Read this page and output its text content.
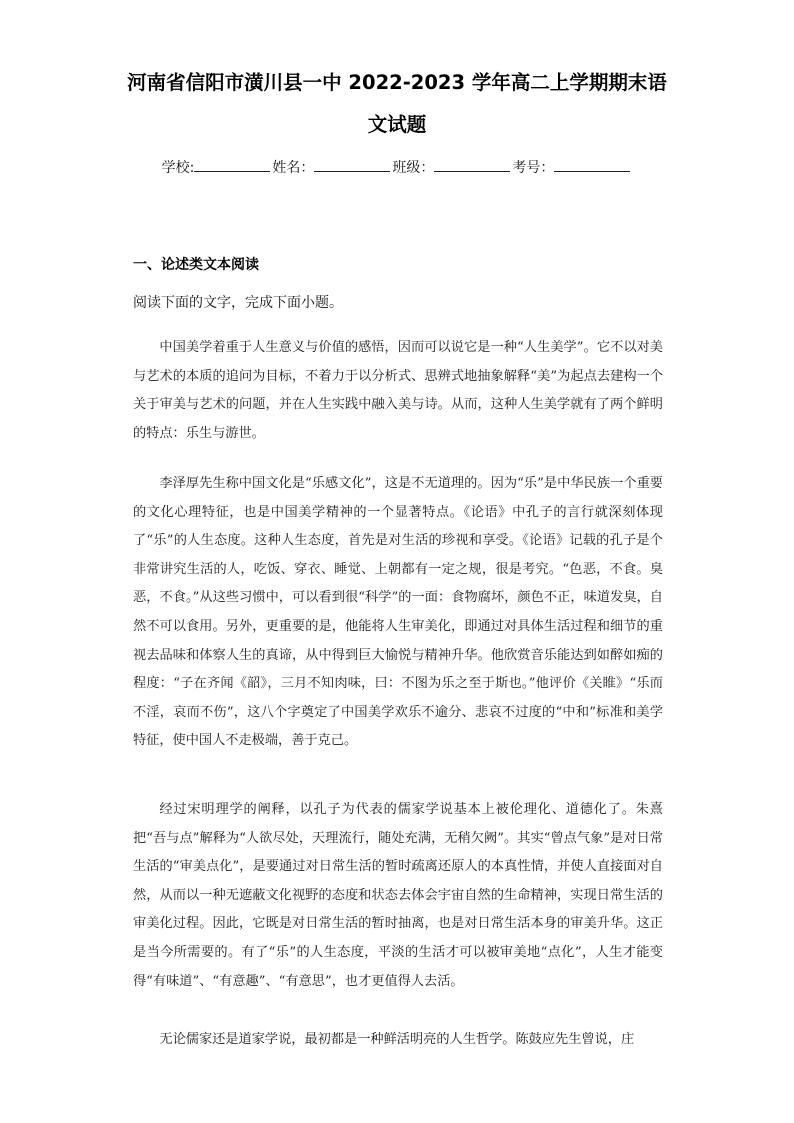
河南省信阳市潢川县一中 2022-2023 学年高二上学期期末语
文试题
学校:	姓名：	班级：	考号：
一、论述类文本阅读
阅读下面的文字，完成下面小题。

中国美学着重于人生意义与价值的感悟，因而可以说它是一种“人生美学”。它不以对美与艺术的本质的追问为目标，不着力于以分析式、思辨式地抽象解释“美”为起点去建构一个关于审美与艺术的问题，并在人生实践中融入美与诗。从而，这种人生美学就有了两个鲜明的特点：乐生与游世。

李泽厚先生称中国文化是“乐感文化”，这是不无道理的。因为“乐”是中华民族一个重要的文化心理特征，也是中国美学精神的一个显著特点。《论语》中孔子的言行就深刻体现了“乐”的人生态度。这种人生态度，首先是对生活的珍视和享受。《论语》记载的孔子是个非常讲究生活的人，吃饭、穿衣、睡觉、上朝都有一定之规，很是考究。“色恶，不食。臭恶，不食。”从这些习惯中，可以看到很“科学”的一面：食物腐坏，颜色不正，味道发臭，自然不可以食用。另外，更重要的是，他能将人生审美化，即通过对具体生活过程和细节的重视去品味和体察人生的真谛，从中得到巨大愉悦与精神升华。他欣赏音乐能达到如醉如痴的程度：“子在齐闻《韶》，三月不知肉味，曰：不图为乐之至于斯也。”他评价《关睢》“乐而不淫，哀而不伤”，这八个字奠定了中国美学欢乐不逾分、悲哀不过度的“中和”标准和美学特征，使中国人不走极端，善于克己。

经过宋明理学的阐释，以孔子为代表的儒家学说基本上被伦理化、道德化了。朱熹把“吾与点”解释为“人欲尽处，天理流行，随处充满，无稍欠阙”。其实“曾点气象”是对日常生活的“审美点化”，是要通过对日常生活的暂时疏离还原人的本真性情，并使人直接面对自然，从而以一种无遮蔽文化视野的态度和状态去体会宇宙自然的生命精神，实现日常生活的审美化过程。因此，它既是对日常生活的暂时抽离，也是对日常生活本身的审美升华。这正是当今所需要的。有了“乐”的人生态度，平淡的生活才可以被审美地“点化”，人生才能变得“有味道”、“有意趣”、“有意思”，也才更值得人去活。

无论儒家还是道家学说，最初都是一种鲜活明亮的人生哲学。陈鼓应先生曾说，庄
